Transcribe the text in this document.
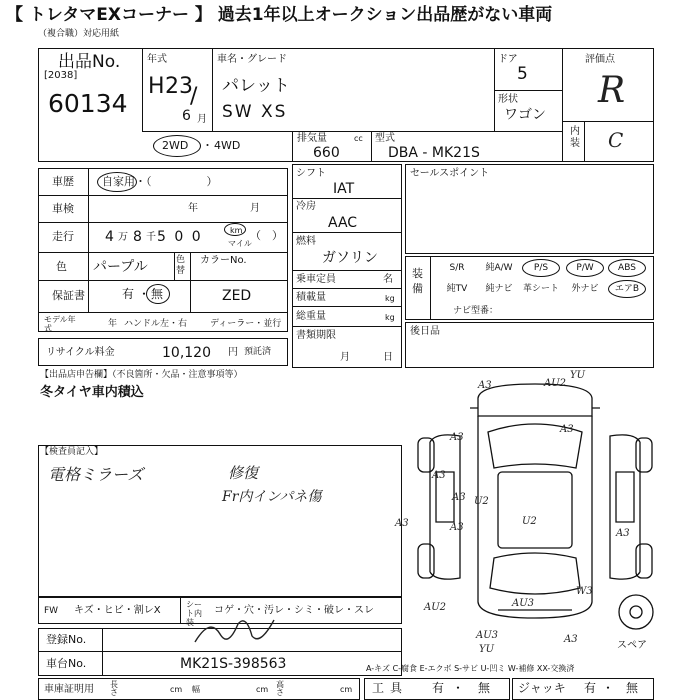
【 トレタマEXコーナー 】 過去1年以上オークション出品歴がない車両
（複合職）対応用紙
出品No.
[2038]
60134
年式
H 23
/
6 月
車名・グレード
パレット
SW XS
ドア
5
形状
ワゴン
評価点
R
内装 C
2WD ・ 4WD
排気量	cc
660
型式
DBA - MK21S
車歴	自家用・（　　　　　）
車検	年	月
走行 4 万 8 千 5 0 0	km
マイル
（　）
色 パープル	色替
カラーNo.
保証書	有 ・ 無	ZED
モデル年式	年 ハンドル 左・右	ディーラー・並行
リサイクル料金	10,120 円 預託済
シフト
IAT
冷房
AAC
燃料
ガソリン
乗車定員	名
積載量	kg
総重量	kg
書類期限
月	日
セールスポイント
装備
S/R	純A/W	P/S	P/W	ABS
純TV	純ナビ	革シート	外ナビ	エアB
ナビ型番：
後日品
【出品店申告欄】（不良箇所・欠品・注意事項等）
冬タイヤ車内積込
【検査員記入】
電格ミラーズ	修復
Fr内インパネ傷
FW キズ・ヒビ・割レX
シート内装
コゲ・穴・汚レ・シミ・破レ・スレ
登録No.
車台No.	MK21S-398563
車庫証明用 長さ	cm 幅	cm
高さ	cm
A-キズ C-腐食 E-エクボ S-サビ U-凹ミ W-補修 XX-交換済
工具 有 ・ 無 ジャッキ 有 ・ 無
A3	AU2
YU
A3
A3
A3
A3
A3
A3
U2
AU2	AU3
W3
AU3
YU
A3
A3
U2
スペア
